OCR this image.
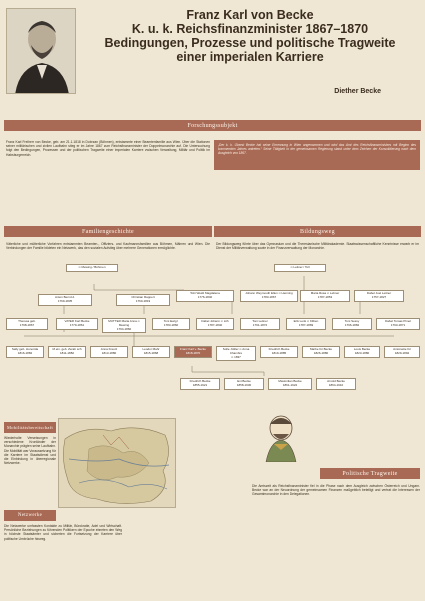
Franz Karl von Becke
K. u. k. Reichsfinanzminister 1867–1870
Bedingungen, Prozesse und politische Tragweite
einer imperialen Karriere
Diether Becke
Forschungssubjekt
Franz Karl Freiherr von Becke, geb. am 21.1.1818 in Dobrzan (Böhmen), entstammte einer Beamtenfamilie aus Wien. Über die Stationen seiner militärischen und zivilen Laufbahn stieg er im Jahre 1867 zum Reichsfinanzminister der Doppelmonarchie auf. Die Untersuchung folgt den Bedingungen, Prozessen und der politischen Tragweite einer imperialen Karriere zwischen Verwaltung, Militär und Politik im Habsburgerreich.
„Der k. k. Oberst Becke hat seine Ernennung in Wien angenommen und wird das Amt des Reichsfinanzministers mit Beginn des kommenden Jahres antreten.“ Seine Tätigkeit in der gemeinsamen Regierung stand unter dem Zeichen der Konsolidierung nach dem Ausgleich von 1867.
Familiengeschichte	Bildungsweg
Väterliche und mütterliche Vorfahren entstammten Beamten-, Offiziers- und Kaufmannsfamilien aus Böhmen, Mähren und Wien. Die Verbindungen der Familie bildeten ein Netzwerk, das den sozialen Aufstieg über mehrere Generationen ermöglichte.
Der Bildungsweg führte über das Gymnasium und die Theresianische Militärakademie. Staatswissenschaftliche Kenntnisse erwarb er im Dienst der Militärverwaltung sowie in der Finanzverwaltung der Monarchie.
∞ Mewing / Böhmen	∞ Leitner / Toll
Anton Bernd d.
1769-1835
Christian Rappert
1760-1819
Tobi Weidt Magdalena
1776-1840
Johann Weymouth Ellen ∞ Henning
1783-1867
Maria Rosa ∞ Lebner
1787-1853
Dabel Joel Leitner
1757-1827
Theresa geb.
1798-1867
VATER Karl Becke
1779-1861
MUTTER Maria Anna ∞ Mewing
1794-1860
Toni Ewig I
1783-1860
Dabel Johann ∞ Lith
1787-1840
Toni Leitner
1791-1872
Erik Lenk ∞ Kliben
1787-1869
Toni Sessy
1796-1882
Dabel Tomas Pimel
1793-1871
Sally geb. Honorida
1816-1882
M.ein. geb. Zerab sch
1811-1882
Anna Kreutz
1813-1880
Leodor Mahr
1815-1868
Franz Karl v. Becke
1818-1870
Sofie Jüttler ∞ Anna Chambre
∞ 1837
Friedrich Becke
1819-1885
Marbe für Becke
1826-1880
Louis Becke
1823-1880
Antoinette für
1829-1892
Friedrich Becke
1855-1921
Ext Becke
1858-1930
Maximilian Becke
1861-1922
Arnold Becke
1864-1910
Mobilitätsbereitschaft
Wiederholte Versetzungen in verschiedene Kronländer der Monarchie prägten seine Laufbahn. Die Mobilität war Voraussetzung für die Karriere im Staatsdienst und die Einbindung in überregionale Netzwerke.
Netzwerke
Die Netzwerke umfassten Kontakte zu Militär, Bürokratie, Adel und Wirtschaft. Persönliche Beziehungen zu führenden Politikern der Epoche ebneten den Weg in höchste Staatsämter und sicherten die Fortsetzung der Karriere über politische Umbrüche hinweg.
Politische Tragweite
Die Amtszeit als Reichsfinanzminister fiel in die Phase nach dem Ausgleich zwischen Österreich und Ungarn. Becke war an der Neuordnung der gemeinsamen Finanzen maßgeblich beteiligt und vertrat die Interessen der Gesamtmonarchie in den Delegationen.
